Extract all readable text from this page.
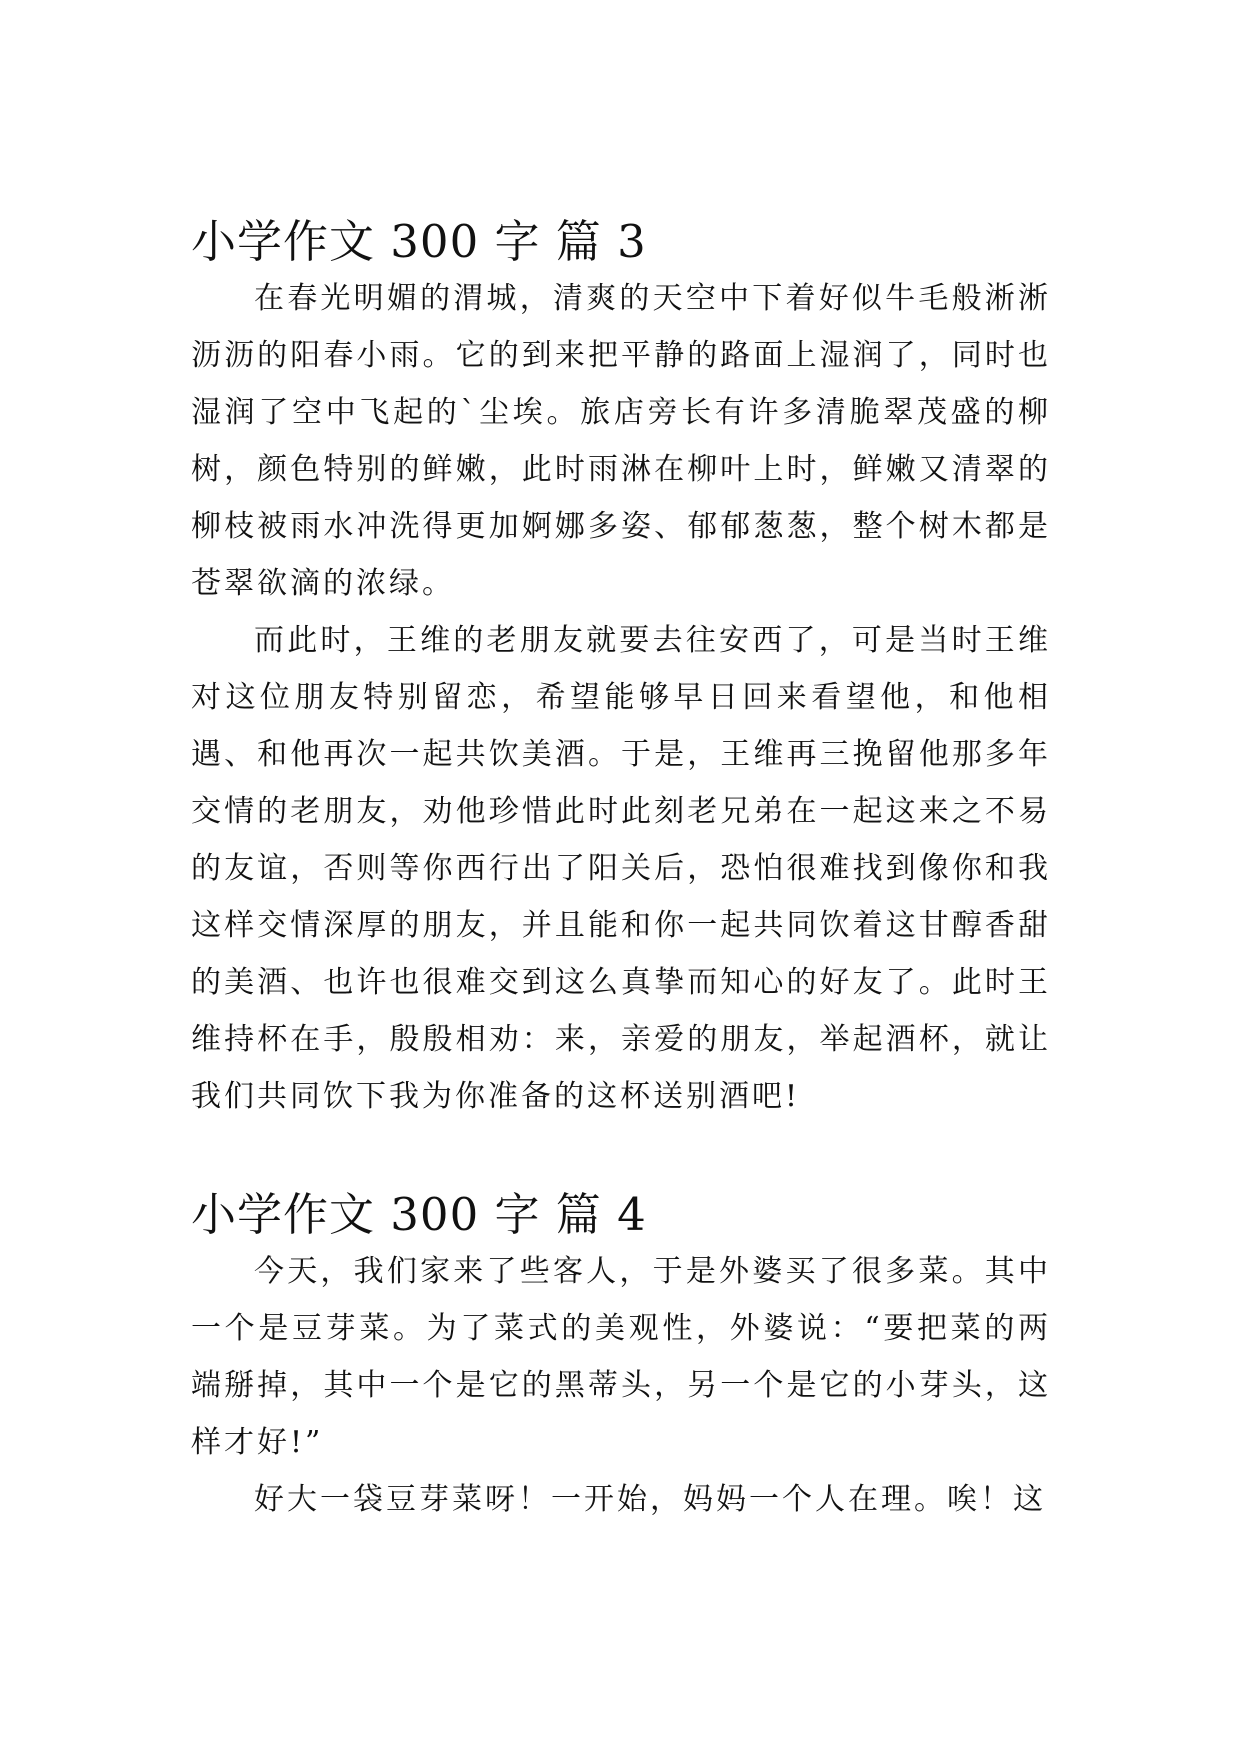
小学作文 300 字 篇 3

在春光明媚的渭城，清爽的天空中下着好似牛毛般淅淅沥沥的阳春小雨。它的到来把平静的路面上湿润了，同时也湿润了空中飞起的`尘埃。旅店旁长有许多清脆翠茂盛的柳树，颜色特别的鲜嫩，此时雨淋在柳叶上时，鲜嫩又清翠的柳枝被雨水冲洗得更加婀娜多姿、郁郁葱葱，整个树木都是苍翠欲滴的浓绿。

而此时，王维的老朋友就要去往安西了，可是当时王维对这位朋友特别留恋，希望能够早日回来看望他，和他相遇、和他再次一起共饮美酒。于是，王维再三挽留他那多年交情的老朋友，劝他珍惜此时此刻老兄弟在一起这来之不易的友谊，否则等你西行出了阳关后，恐怕很难找到像你和我这样交情深厚的朋友，并且能和你一起共同饮着这甘醇香甜的美酒、也许也很难交到这么真挚而知心的好友了。此时王维持杯在手，殷殷相劝：来，亲爱的朋友，举起酒杯，就让我们共同饮下我为你准备的这杯送别酒吧!

小学作文 300 字 篇 4

今天，我们家来了些客人，于是外婆买了很多菜。其中一个是豆芽菜。为了菜式的美观性，外婆说：“要把菜的两端掰掉，其中一个是它的黑蒂头，另一个是它的小芽头，这样才好!”

好大一袋豆芽菜呀！一开始，妈妈一个人在理。唉！这
